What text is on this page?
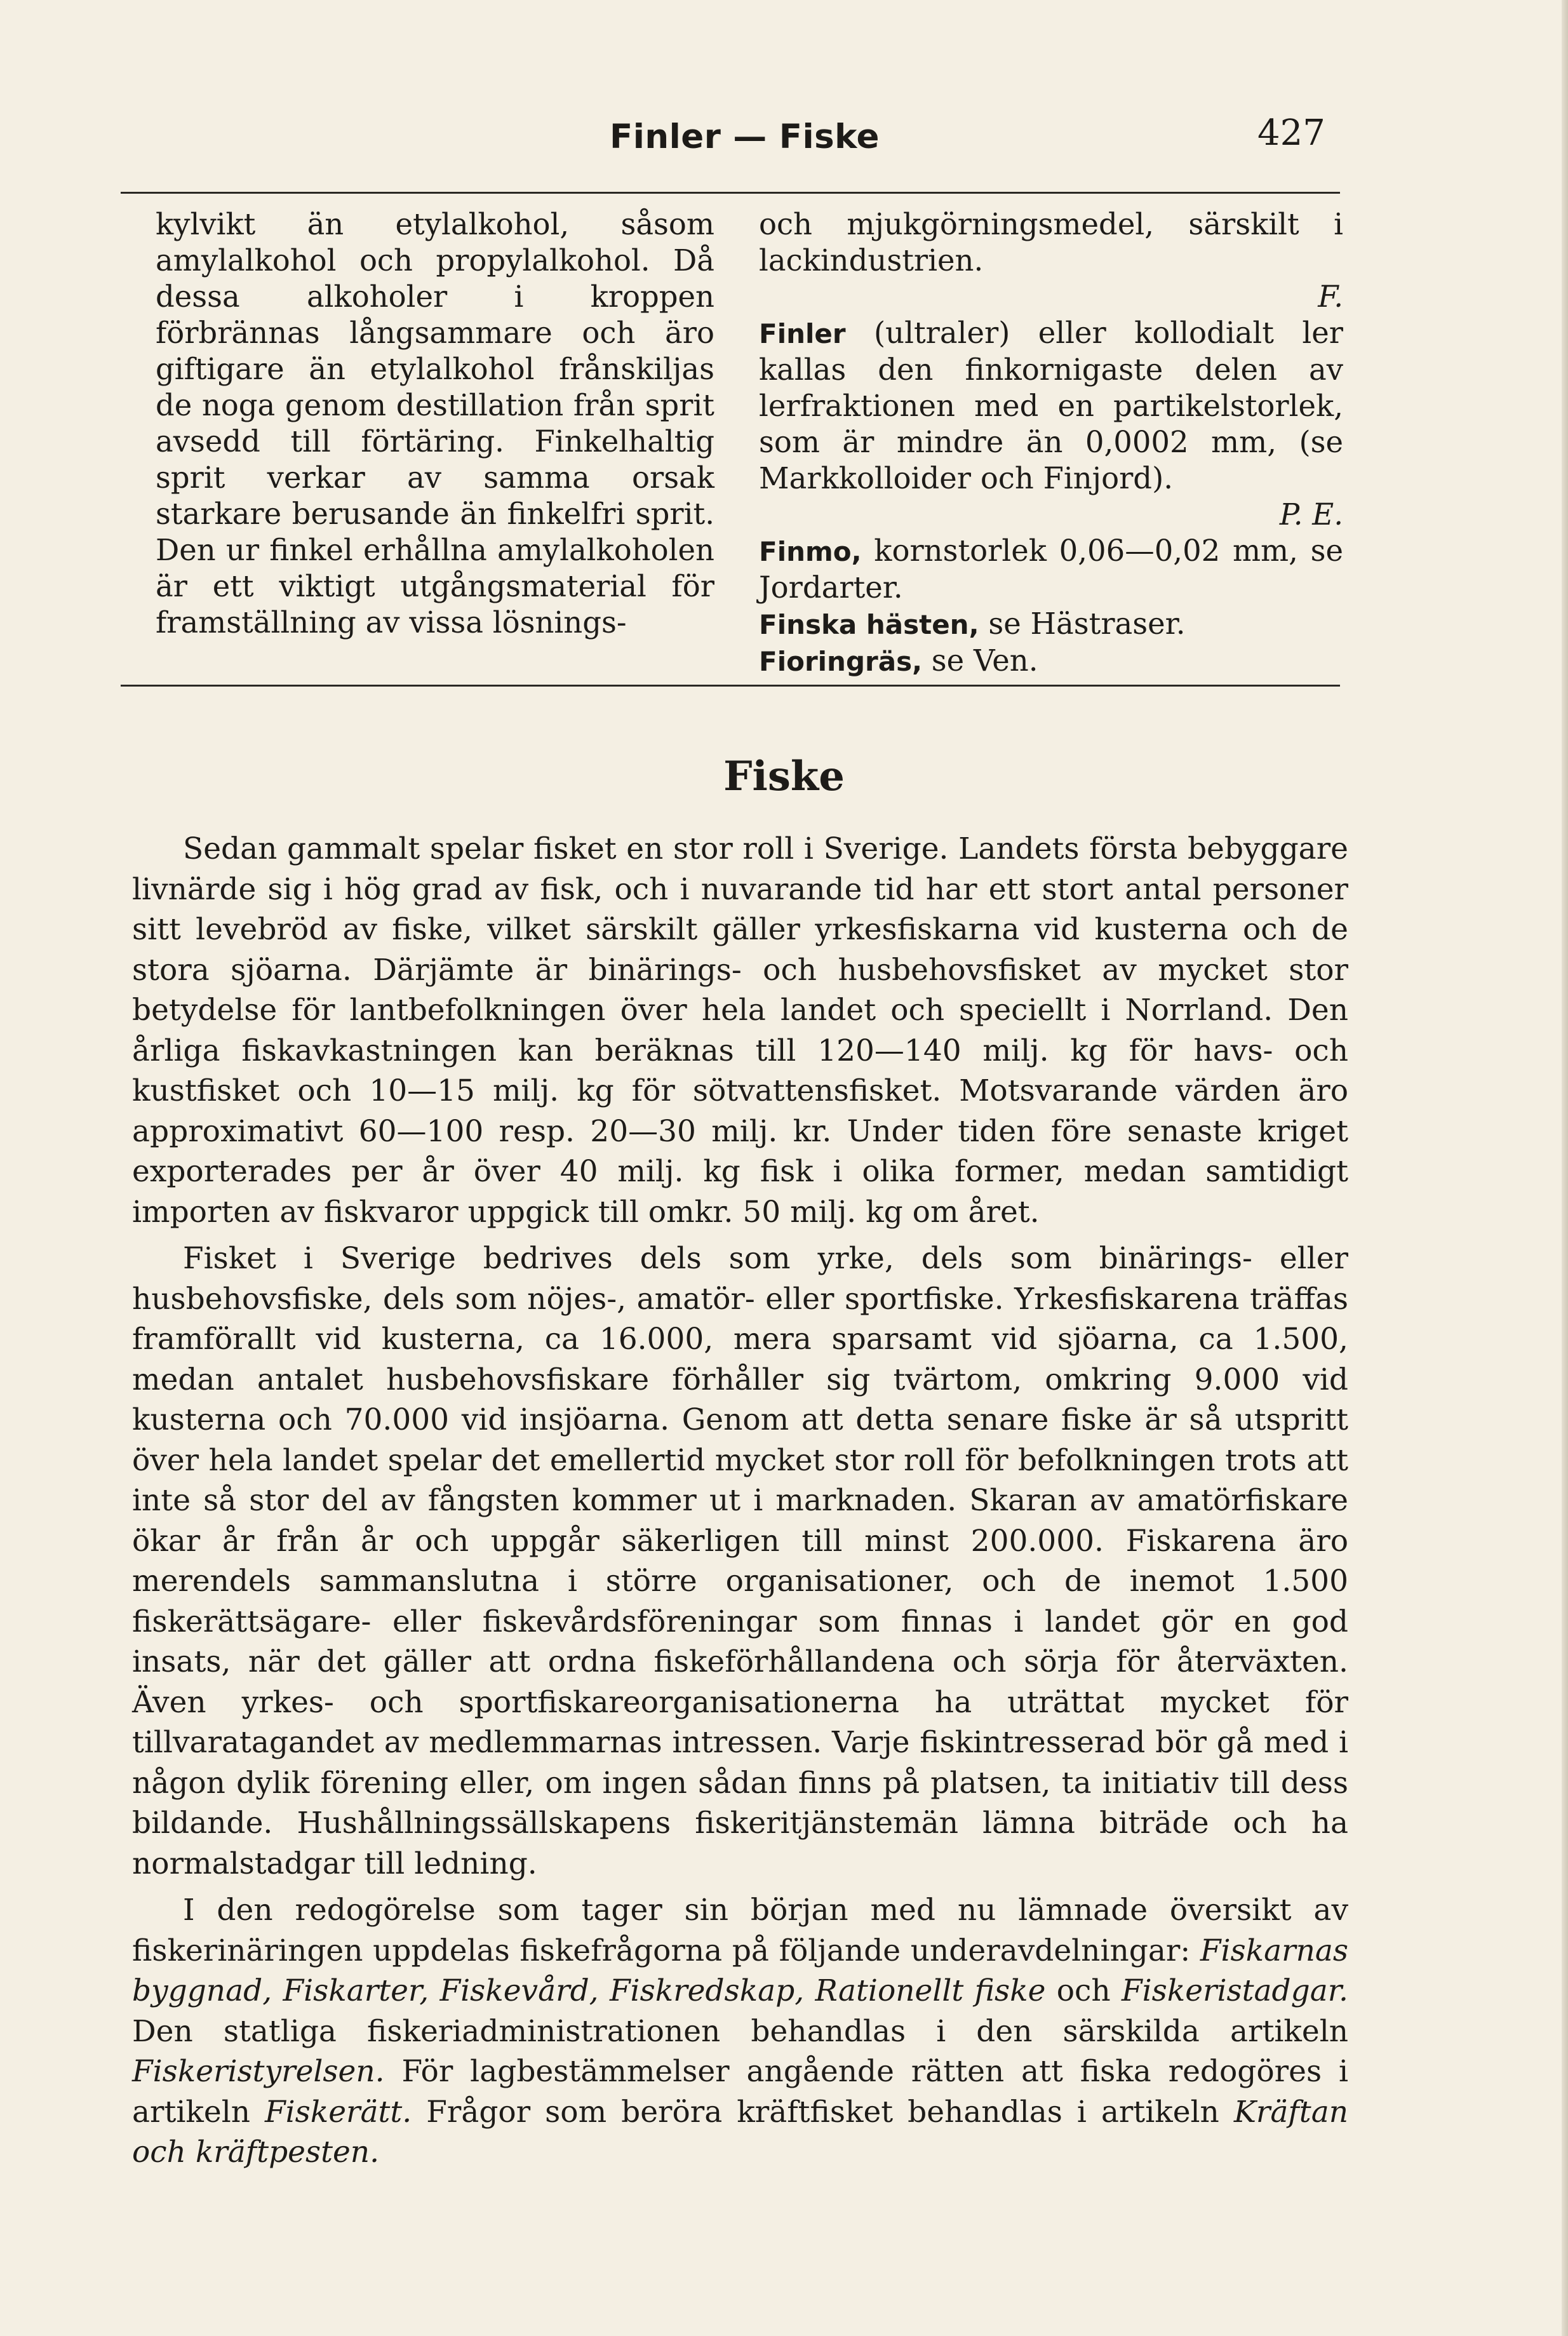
Finler — Fiske	427

kylvikt än etylalkohol, såsom amylalkohol och propylalkohol. Då dessa alkoholer i kroppen förbrännas långsammare och äro giftigare än etylalkohol frånskiljas de noga genom destillation från sprit avsedd till förtäring. Finkelhaltig sprit verkar av samma orsak starkare berusande än finkelfri sprit. Den ur finkel erhållna amylalkoholen är ett viktigt utgångsmaterial för framställning av vissa lösnings-

och mjukgörningsmedel, särskilt i lackindustrien.

F.

Finler (ultraler) eller kollodialt ler kallas den finkornigaste delen av lerfraktionen med en partikelstorlek, som är mindre än 0,0002 mm, (se Markkolloider och Finjord).

P. E.

Finmo, kornstorlek 0,06—0,02 mm, se Jordarter.

Finska hästen, se Hästraser.

Fioringräs, se Ven.

Fiske

Sedan gammalt spelar fisket en stor roll i Sverige. Landets första bebyggare livnärde sig i hög grad av fisk, och i nuvarande tid har ett stort antal personer sitt levebröd av fiske, vilket särskilt gäller yrkesfiskarna vid kusterna och de stora sjöarna. Därjämte är binärings- och husbehovsfisket av mycket stor betydelse för lantbefolkningen över hela landet och speciellt i Norrland. Den årliga fiskavkastningen kan beräknas till 120—140 milj. kg för havs- och kustfisket och 10—15 milj. kg för sötvattensfisket. Motsvarande värden äro approximativt 60—100 resp. 20—30 milj. kr. Under tiden före senaste kriget exporterades per år över 40 milj. kg fisk i olika former, medan samtidigt importen av fiskvaror uppgick till omkr. 50 milj. kg om året.

Fisket i Sverige bedrives dels som yrke, dels som binärings- eller husbehovsfiske, dels som nöjes-, amatör- eller sportfiske. Yrkesfiskarena träffas framförallt vid kusterna, ca 16.000, mera sparsamt vid sjöarna, ca 1.500, medan antalet husbehovsfiskare förhåller sig tvärtom, omkring 9.000 vid kusterna och 70.000 vid insjöarna. Genom att detta senare fiske är så utspritt över hela landet spelar det emellertid mycket stor roll för befolkningen trots att inte så stor del av fångsten kommer ut i marknaden. Skaran av amatörfiskare ökar år från år och uppgår säkerligen till minst 200.000. Fiskarena äro merendels sammanslutna i större organisationer, och de inemot 1.500 fiskerättsägare- eller fiskevårdsföreningar som finnas i landet gör en god insats, när det gäller att ordna fiskeförhållandena och sörja för återväxten. Även yrkes- och sportfiskareorganisationerna ha uträttat mycket för tillvaratagandet av medlemmarnas intressen. Varje fiskintresserad bör gå med i någon dylik förening eller, om ingen sådan finns på platsen, ta initiativ till dess bildande. Hushållningssällskapens fiskeritjänstemän lämna biträde och ha normalstadgar till ledning.

I den redogörelse som tager sin början med nu lämnade översikt av fiskerinäringen uppdelas fiskefrågorna på följande underavdelningar: Fiskarnas byggnad, Fiskarter, Fiskevård, Fiskredskap, Rationellt fiske och Fiskeristadgar. Den statliga fiskeriadministrationen behandlas i den särskilda artikeln Fiskeristyrelsen. För lagbestämmelser angående rätten att fiska redogöres i artikeln Fiskerätt. Frågor som beröra kräftfisket behandlas i artikeln Kräftan och kräftpesten.
